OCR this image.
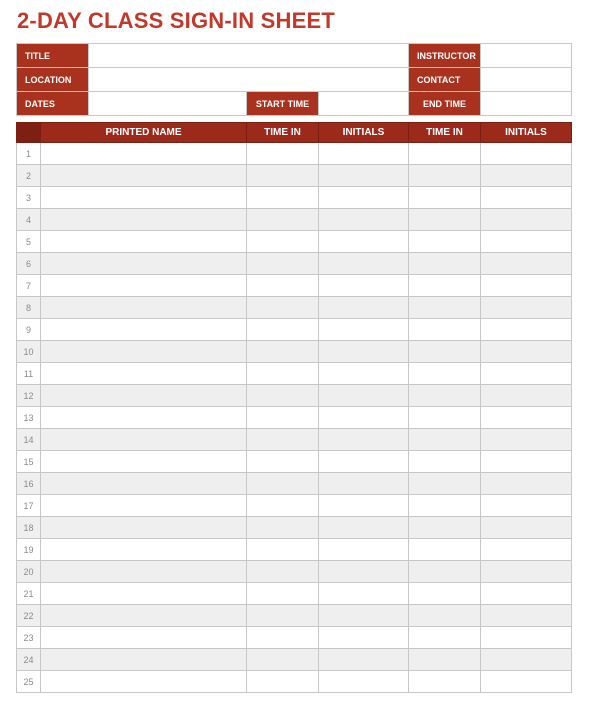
2-DAY CLASS SIGN-IN SHEET
TITLE				INSTRUCTOR	
LOCATION				CONTACT	
DATES		START TIME		END TIME	
	PRINTED NAME	TIME IN	INITIALS	TIME IN	INITIALS
1					
2					
3					
4					
5					
6					
7					
8					
9					
10					
11					
12					
13					
14					
15					
16					
17					
18					
19					
20					
21					
22					
23					
24					
25					
